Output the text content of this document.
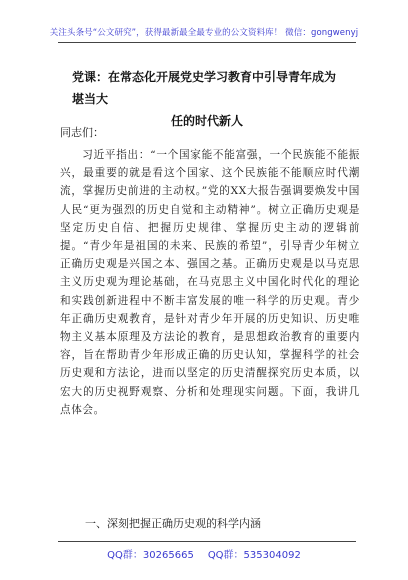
关注头条号“公文研究”，获得最新最全最专业的公文资料库！ 微信：gongwenyj
党课：在常态化开展党史学习教育中引导青年成为堪当大
任的时代新人
同志们：

习近平指出：“一个国家能不能富强，一个民族能不能振兴，最重要的就是看这个国家、这个民族能不能顺应时代潮流，掌握历史前进的主动权。”党的XX大报告强调要焕发中国人民“更为强烈的历史自觉和主动精神”。树立正确历史观是坚定历史自信、把握历史规律、掌握历史主动的逻辑前提。“青少年是祖国的未来、民族的希望”，引导青少年树立正确历史观是兴国之本、强国之基。正确历史观是以马克思主义历史观为理论基础，在马克思主义中国化时代化的理论和实践创新进程中不断丰富发展的唯一科学的历史观。青少年正确历史观教育，是针对青少年开展的历史知识、历史唯物主义基本原理及方法论的教育，是思想政治教育的重要内容，旨在帮助青少年形成正确的历史认知，掌握科学的社会历史观和方法论，进而以坚定的历史清醒探究历史本质，以宏大的历史视野观察、分析和处理现实问题。下面，我讲几点体会。

一、深刻把握正确历史观的科学内涵
QQ群：30265665 QQ群：535304092
